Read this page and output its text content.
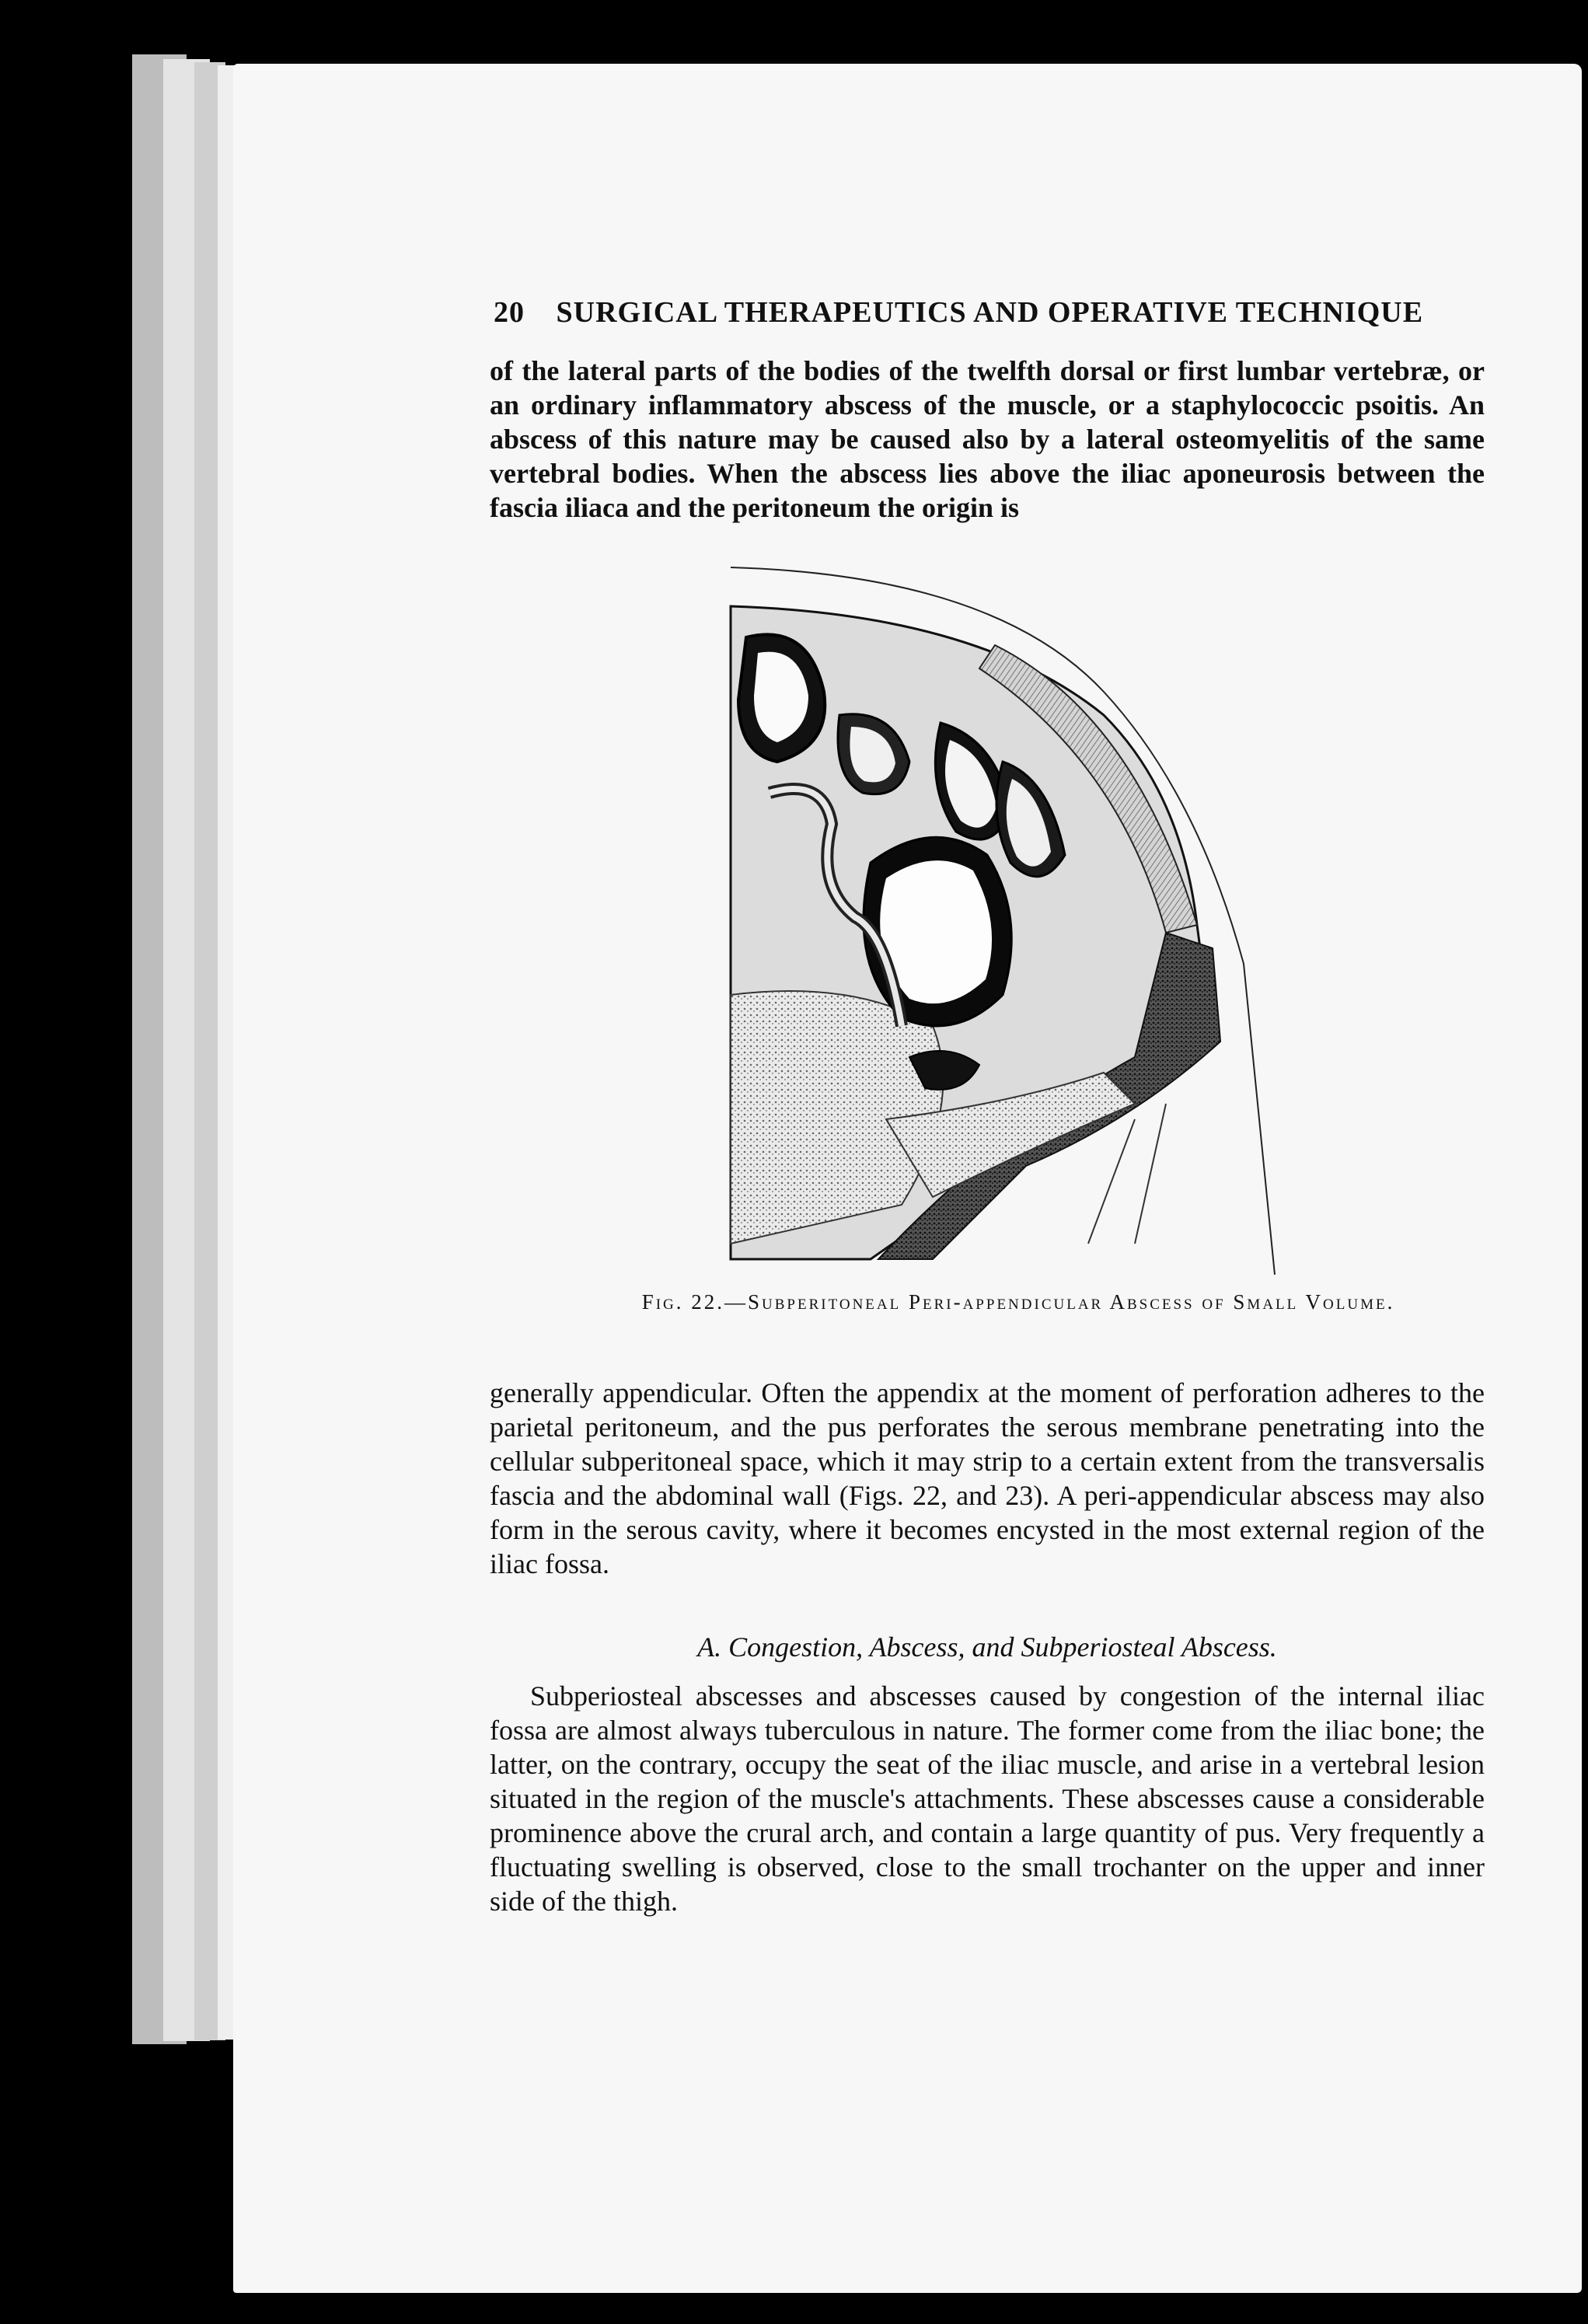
20 SURGICAL THERAPEUTICS AND OPERATIVE TECHNIQUE

of the lateral parts of the bodies of the twelfth dorsal or first lumbar vertebræ, or an ordinary inflammatory abscess of the muscle, or a staphylococcic psoitis. An abscess of this nature may be caused also by a lateral osteomyelitis of the same vertebral bodies. When the abscess lies above the iliac aponeurosis between the fascia iliaca and the peritoneum the origin is

Fig. 22.—Subperitoneal Peri-appendicular Abscess of Small Volume.

generally appendicular. Often the appendix at the moment of perforation adheres to the parietal peritoneum, and the pus perforates the serous membrane penetrating into the cellular subperitoneal space, which it may strip to a certain extent from the transversalis fascia and the abdominal wall (Figs. 22, and 23). A peri-appendicular abscess may also form in the serous cavity, where it becomes encysted in the most external region of the iliac fossa.

A. Congestion, Abscess, and Subperiosteal Abscess.

Subperiosteal abscesses and abscesses caused by congestion of the internal iliac fossa are almost always tuberculous in nature. The former come from the iliac bone; the latter, on the contrary, occupy the seat of the iliac muscle, and arise in a vertebral lesion situated in the region of the muscle's attachments. These abscesses cause a considerable prominence above the crural arch, and contain a large quantity of pus. Very frequently a fluctuating swelling is observed, close to the small trochanter on the upper and inner side of the thigh.
